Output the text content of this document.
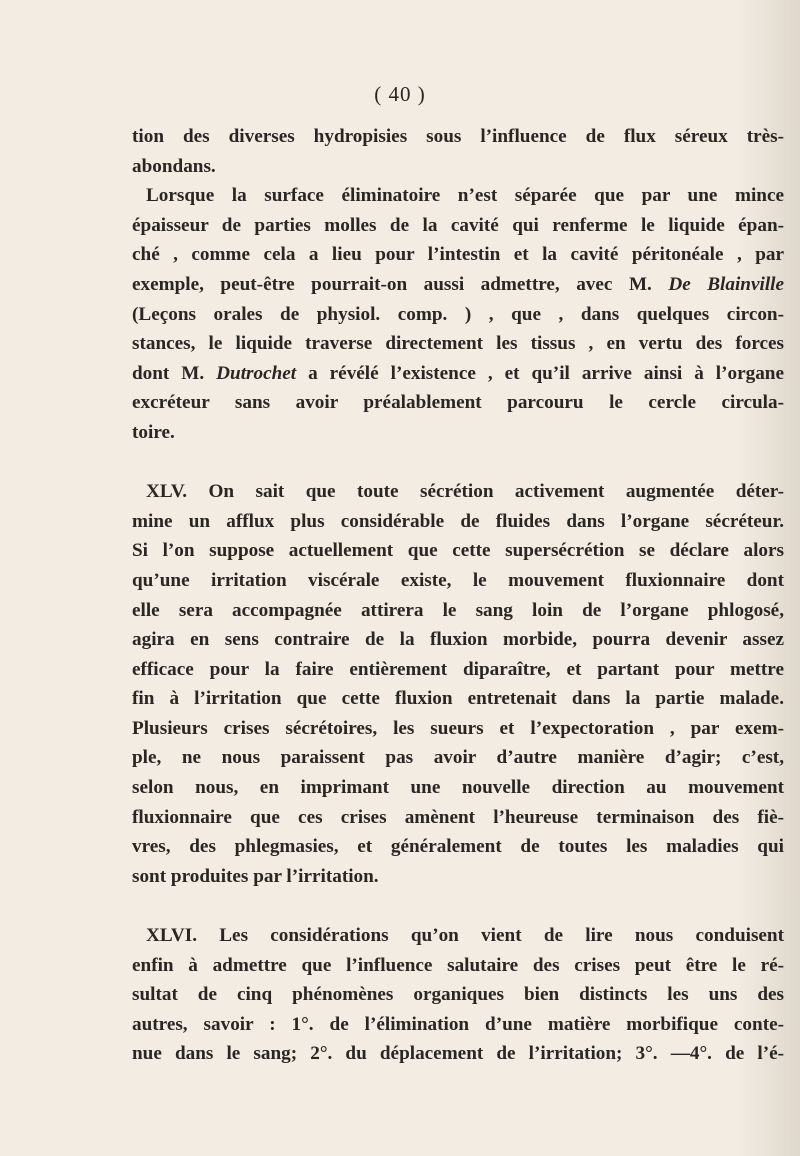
( 40 )
tion des diverses hydropisies sous l’influence de flux séreux très-
abondans.
Lorsque la surface éliminatoire n’est séparée que par une mince
épaisseur de parties molles de la cavité qui renferme le liquide épan-
ché , comme cela a lieu pour l’intestin et la cavité péritonéale , par
exemple, peut-être pourrait-on aussi admettre, avec M. De Blainville
(Leçons orales de physiol. comp. ) , que , dans quelques circon-
stances, le liquide traverse directement les tissus , en vertu des forces
dont M. Dutrochet a révélé l’existence , et qu’il arrive ainsi à l’organe
excréteur sans avoir préalablement parcouru le cercle circula-
toire.
XLV. On sait que toute sécrétion activement augmentée déter-
mine un afflux plus considérable de fluides dans l’organe sécréteur.
Si l’on suppose actuellement que cette supersécrétion se déclare alors
qu’une irritation viscérale existe, le mouvement fluxionnaire dont
elle sera accompagnée attirera le sang loin de l’organe phlogosé,
agira en sens contraire de la fluxion morbide, pourra devenir assez
efficace pour la faire entièrement diparaître, et partant pour mettre
fin à l’irritation que cette fluxion entretenait dans la partie malade.
Plusieurs crises sécrétoires, les sueurs et l’expectoration , par exem-
ple, ne nous paraissent pas avoir d’autre manière d’agir; c’est,
selon nous, en imprimant une nouvelle direction au mouvement
fluxionnaire que ces crises amènent l’heureuse terminaison des fiè-
vres, des phlegmasies, et généralement de toutes les maladies qui
sont produites par l’irritation.
XLVI. Les considérations qu’on vient de lire nous conduisent
enfin à admettre que l’influence salutaire des crises peut être le ré-
sultat de cinq phénomènes organiques bien distincts les uns des
autres, savoir : 1°. de l’élimination d’une matière morbifique conte-
nue dans le sang; 2°. du déplacement de l’irritation; 3°. —4°. de l’é-
